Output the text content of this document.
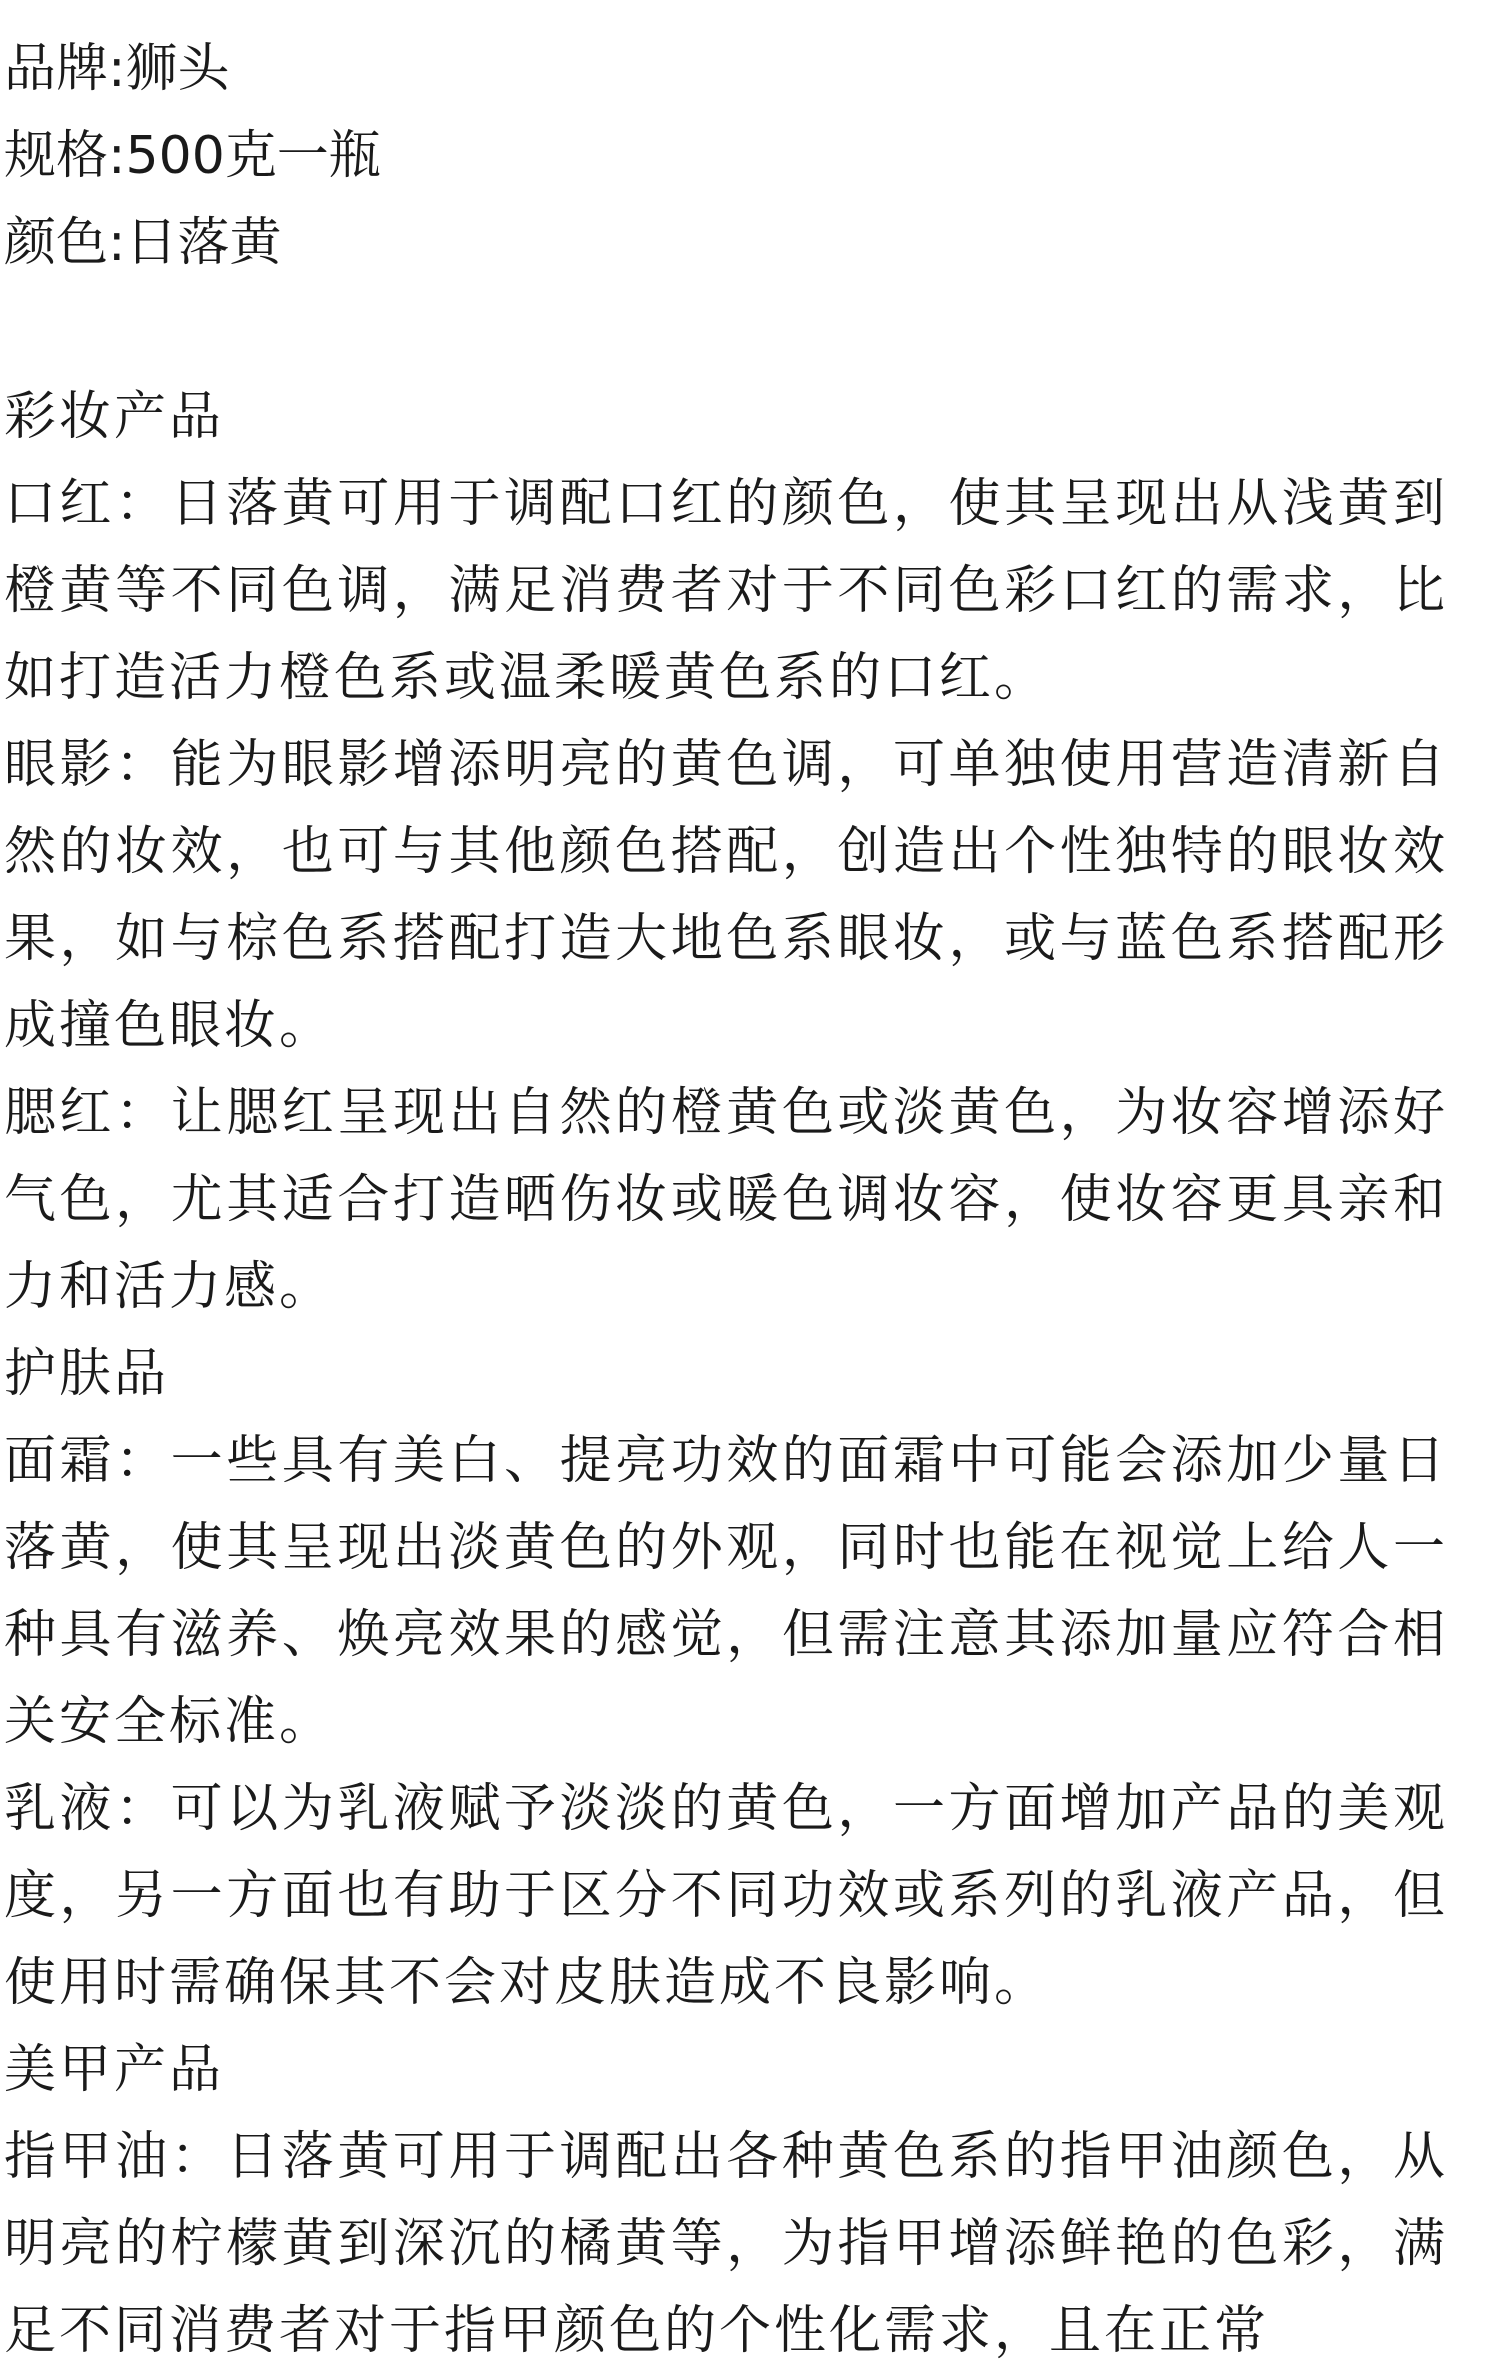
品牌:狮头
规格:500克一瓶
颜色:日落黄
彩妆产品
口红：日落黄可用于调配口红的颜色，使其呈现出从浅黄到橙黄等不同色调，满足消费者对于不同色彩口红的需求，比如打造活力橙色系或温柔暖黄色系的口红。
眼影：能为眼影增添明亮的黄色调，可单独使用营造清新自然的妆效，也可与其他颜色搭配，创造出个性独特的眼妆效果，如与棕色系搭配打造大地色系眼妆，或与蓝色系搭配形成撞色眼妆。
腮红：让腮红呈现出自然的橙黄色或淡黄色，为妆容增添好气色，尤其适合打造晒伤妆或暖色调妆容，使妆容更具亲和力和活力感。
护肤品
面霜：一些具有美白、提亮功效的面霜中可能会添加少量日落黄，使其呈现出淡黄色的外观，同时也能在视觉上给人一种具有滋养、焕亮效果的感觉，但需注意其添加量应符合相关安全标准。
乳液：可以为乳液赋予淡淡的黄色，一方面增加产品的美观度，另一方面也有助于区分不同功效或系列的乳液产品，但使用时需确保其不会对皮肤造成不良影响。
美甲产品
指甲油：日落黄可用于调配出各种黄色系的指甲油颜色，从明亮的柠檬黄到深沉的橘黄等，为指甲增添鲜艳的色彩，满足不同消费者对于指甲颜色的个性化需求，且在正常
